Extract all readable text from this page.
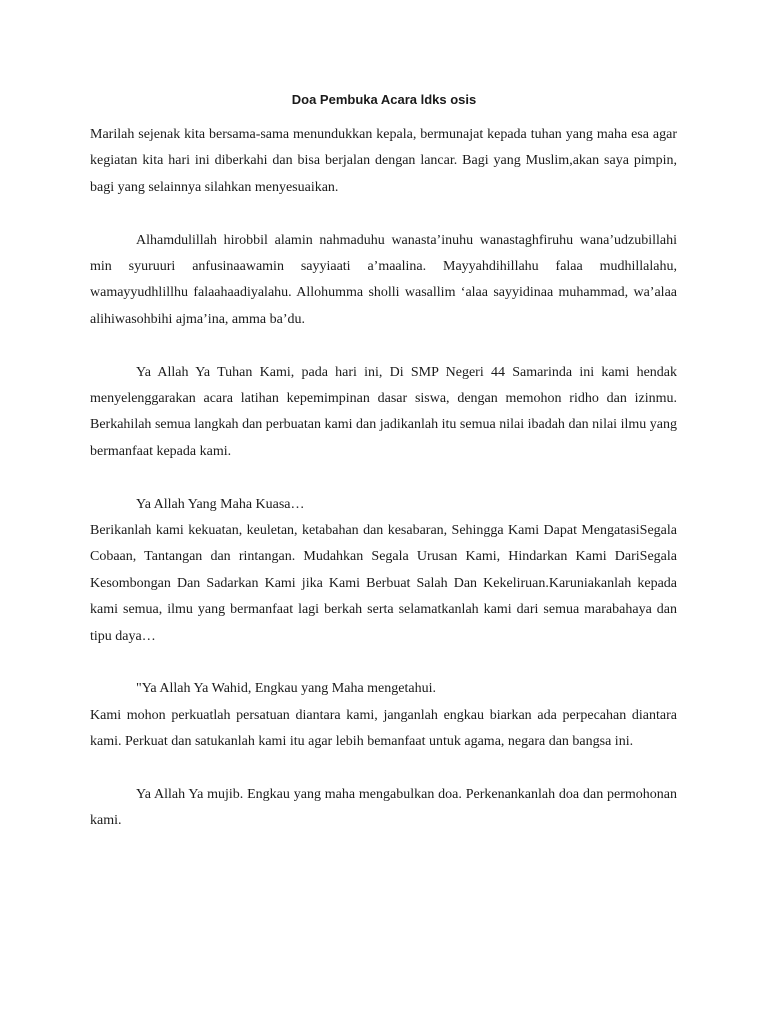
Doa Pembuka Acara ldks osis

Marilah sejenak kita bersama-sama menundukkan kepala, bermunajat kepada tuhan yang maha esa agar kegiatan kita hari ini diberkahi dan bisa berjalan dengan lancar. Bagi yang Muslim,akan saya pimpin, bagi yang selainnya silahkan menyesuaikan.

Alhamdulillah hirobbil alamin nahmaduhu wanasta’inuhu wanastaghfiruhu wana’udzubillahi min syuruuri anfusinaawamin sayyiaati a’maalina. Mayyahdihillahu falaa mudhillalahu, wamayyudhlillhu falaahaadiyalahu. Allohumma sholli wasallim ‘alaa sayyidinaa muhammad, wa’alaa alihiwasohbihi ajma’ina, amma ba’du.

Ya Allah Ya Tuhan Kami, pada hari ini, Di SMP Negeri 44 Samarinda ini kami hendak menyelenggarakan acara latihan kepemimpinan dasar siswa, dengan memohon ridho dan izinmu. Berkahilah semua langkah dan perbuatan kami dan jadikanlah itu semua nilai ibadah dan nilai ilmu yang bermanfaat kepada kami.

Ya Allah Yang Maha Kuasa…

Berikanlah kami kekuatan, keuletan, ketabahan dan kesabaran, Sehingga Kami Dapat MengatasiSegala Cobaan, Tantangan dan rintangan. Mudahkan Segala Urusan Kami, Hindarkan Kami DariSegala Kesombongan Dan Sadarkan Kami jika Kami Berbuat Salah Dan Kekeliruan.Karuniakanlah kepada kami semua, ilmu yang bermanfaat lagi berkah serta selamatkanlah kami dari semua marabahaya dan tipu daya…

"Ya Allah Ya Wahid, Engkau yang Maha mengetahui.

Kami mohon perkuatlah persatuan diantara kami, janganlah engkau biarkan ada perpecahan diantara kami. Perkuat dan satukanlah kami itu agar lebih bemanfaat untuk agama, negara dan bangsa ini.

Ya Allah Ya mujib. Engkau yang maha mengabulkan doa. Perkenankanlah doa dan permohonan kami.
